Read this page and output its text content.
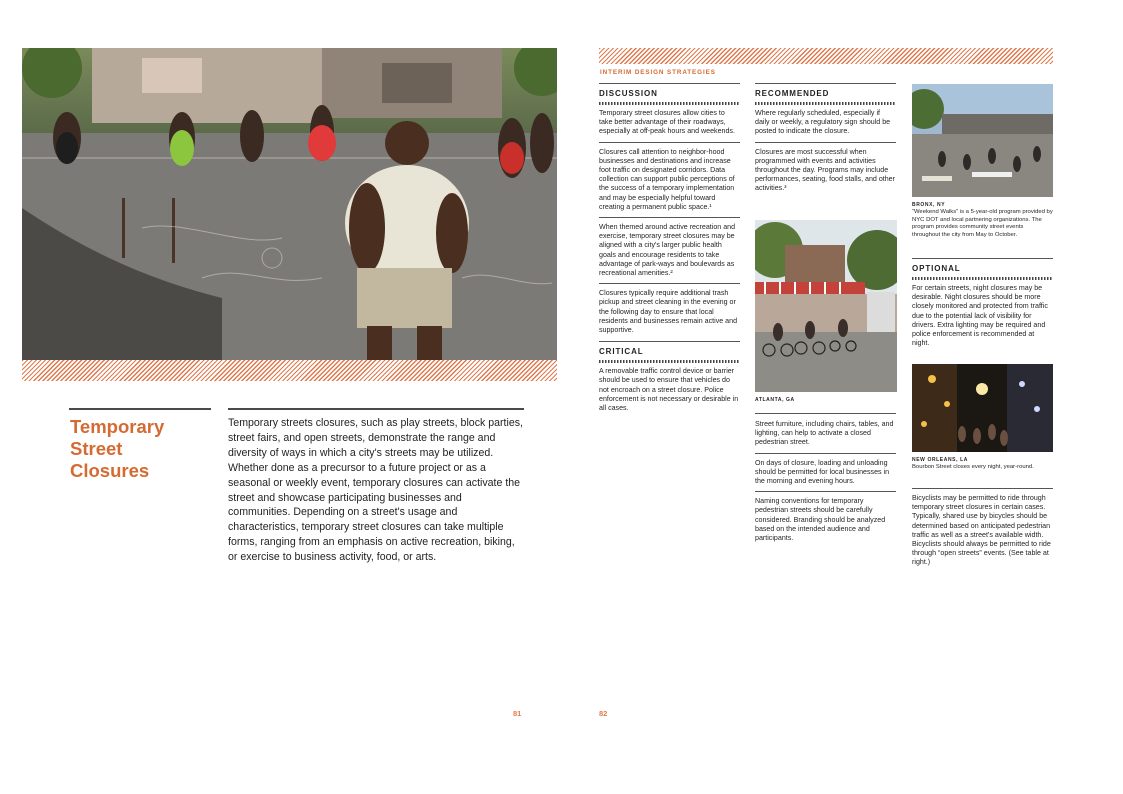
Temporary Street Closures
Temporary streets closures, such as play streets, block parties, street fairs, and open streets, demonstrate the range and diversity of ways in which a city's streets may be utilized. Whether done as a precursor to a future project or as a seasonal or weekly event, temporary closures can activate the street and showcase participating businesses and communities. Depending on a street's usage and characteristics, temporary street closures can take multiple forms, ranging from an emphasis on active recreation, biking, or exercise to business activity, food, or arts.
81
INTERIM DESIGN STRATEGIES
DISCUSSION
Temporary street closures allow cities to take better advantage of their roadways, especially at off-peak hours and weekends.
Closures call attention to neighbor-hood businesses and destinations and increase foot traffic on designated corridors. Data collection can support public perceptions of the success of a temporary implementation and may be especially helpful toward creating a permanent public space.¹
When themed around active recreation and exercise, temporary street closures may be aligned with a city's larger public health goals and encourage residents to take advantage of park-ways and boulevards as recreational amenities.²
Closures typically require additional trash pickup and street cleaning in the evening or the following day to ensure that local residents and businesses remain active and supportive.
CRITICAL
A removable traffic control device or barrier should be used to ensure that vehicles do not encroach on a street closure. Police enforcement is not necessary or desirable in all cases.
RECOMMENDED
Where regularly scheduled, especially if daily or weekly, a regulatory sign should be posted to indicate the closure.
Closures are most successful when programmed with events and activities throughout the day. Programs may include performances, seating, food stalls, and other activities.³
ATLANTA, GA
Street furniture, including chairs, tables, and lighting, can help to activate a closed pedestrian street.
On days of closure, loading and unloading should be permitted for local businesses in the morning and evening hours.
Naming conventions for temporary pedestrian streets should be carefully considered. Branding should be analyzed based on the intended audience and participants.
BRONX, NY
“Weekend Walks” is a 5-year-old program provided by NYC DOT and local partnering organizations. The program provides community street events throughout the city from May to October.
OPTIONAL
For certain streets, night closures may be desirable. Night closures should be more closely monitored and protected from traffic due to the potential lack of visibility for drivers. Extra lighting may be required and police enforcement is recommended at night.
NEW ORLEANS, LA
Bourbon Street closes every night, year-round.
Bicyclists may be permitted to ride through temporary street closures in certain cases. Typically, shared use by bicycles should be determined based on anticipated pedestrian traffic as well as a street's available width. Bicyclists should always be permitted to ride through “open streets” events. (See table at right.)
82
